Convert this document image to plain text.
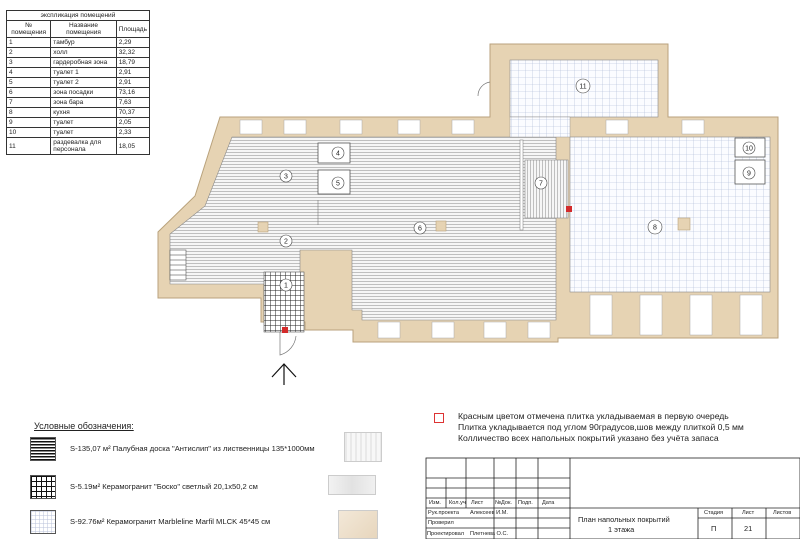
1
2
3
4
5
6
7
8
9
10
11
экспликация помещений		
№ помещения	Название помещения	Площадь
1	тамбур	2,29
2	холл	32,32
3	гардеробная зона	18,79
4	туалет 1	2,91
5	туалет 2	2,91
6	зона посадки	73,16
7	зона бара	7,63
8	кухня	70,37
9	туалет	2,05
10	туалет	2,33
11	раздевалка для персонала	18,05
Условные обозначения:
S-135,07 м² Палубная доска "Антислип" из лиственницы 135*1000мм
S-5.19м² Керамогранит "Боско" светлый 20,1х50,2 см
S-92.76м² Керамогранит Marbleline Marfil MLCK 45*45 см
Красным цветом отмечена плитка укладываемая в первую очередь
Плитка укладывается под углом 90градусов,шов между плиткой 0,5 мм
Колличество всех напольных покрытий указано без учёта запаса
Изм. Кол.уч Лист №Док. Подп. Дата
Рук.проекта Алексеев И.М.
Проверил
Проектировал Плетнева О.С.
План напольных покрытий
1 этажа
Стадия	Лист	Листов
П	21
